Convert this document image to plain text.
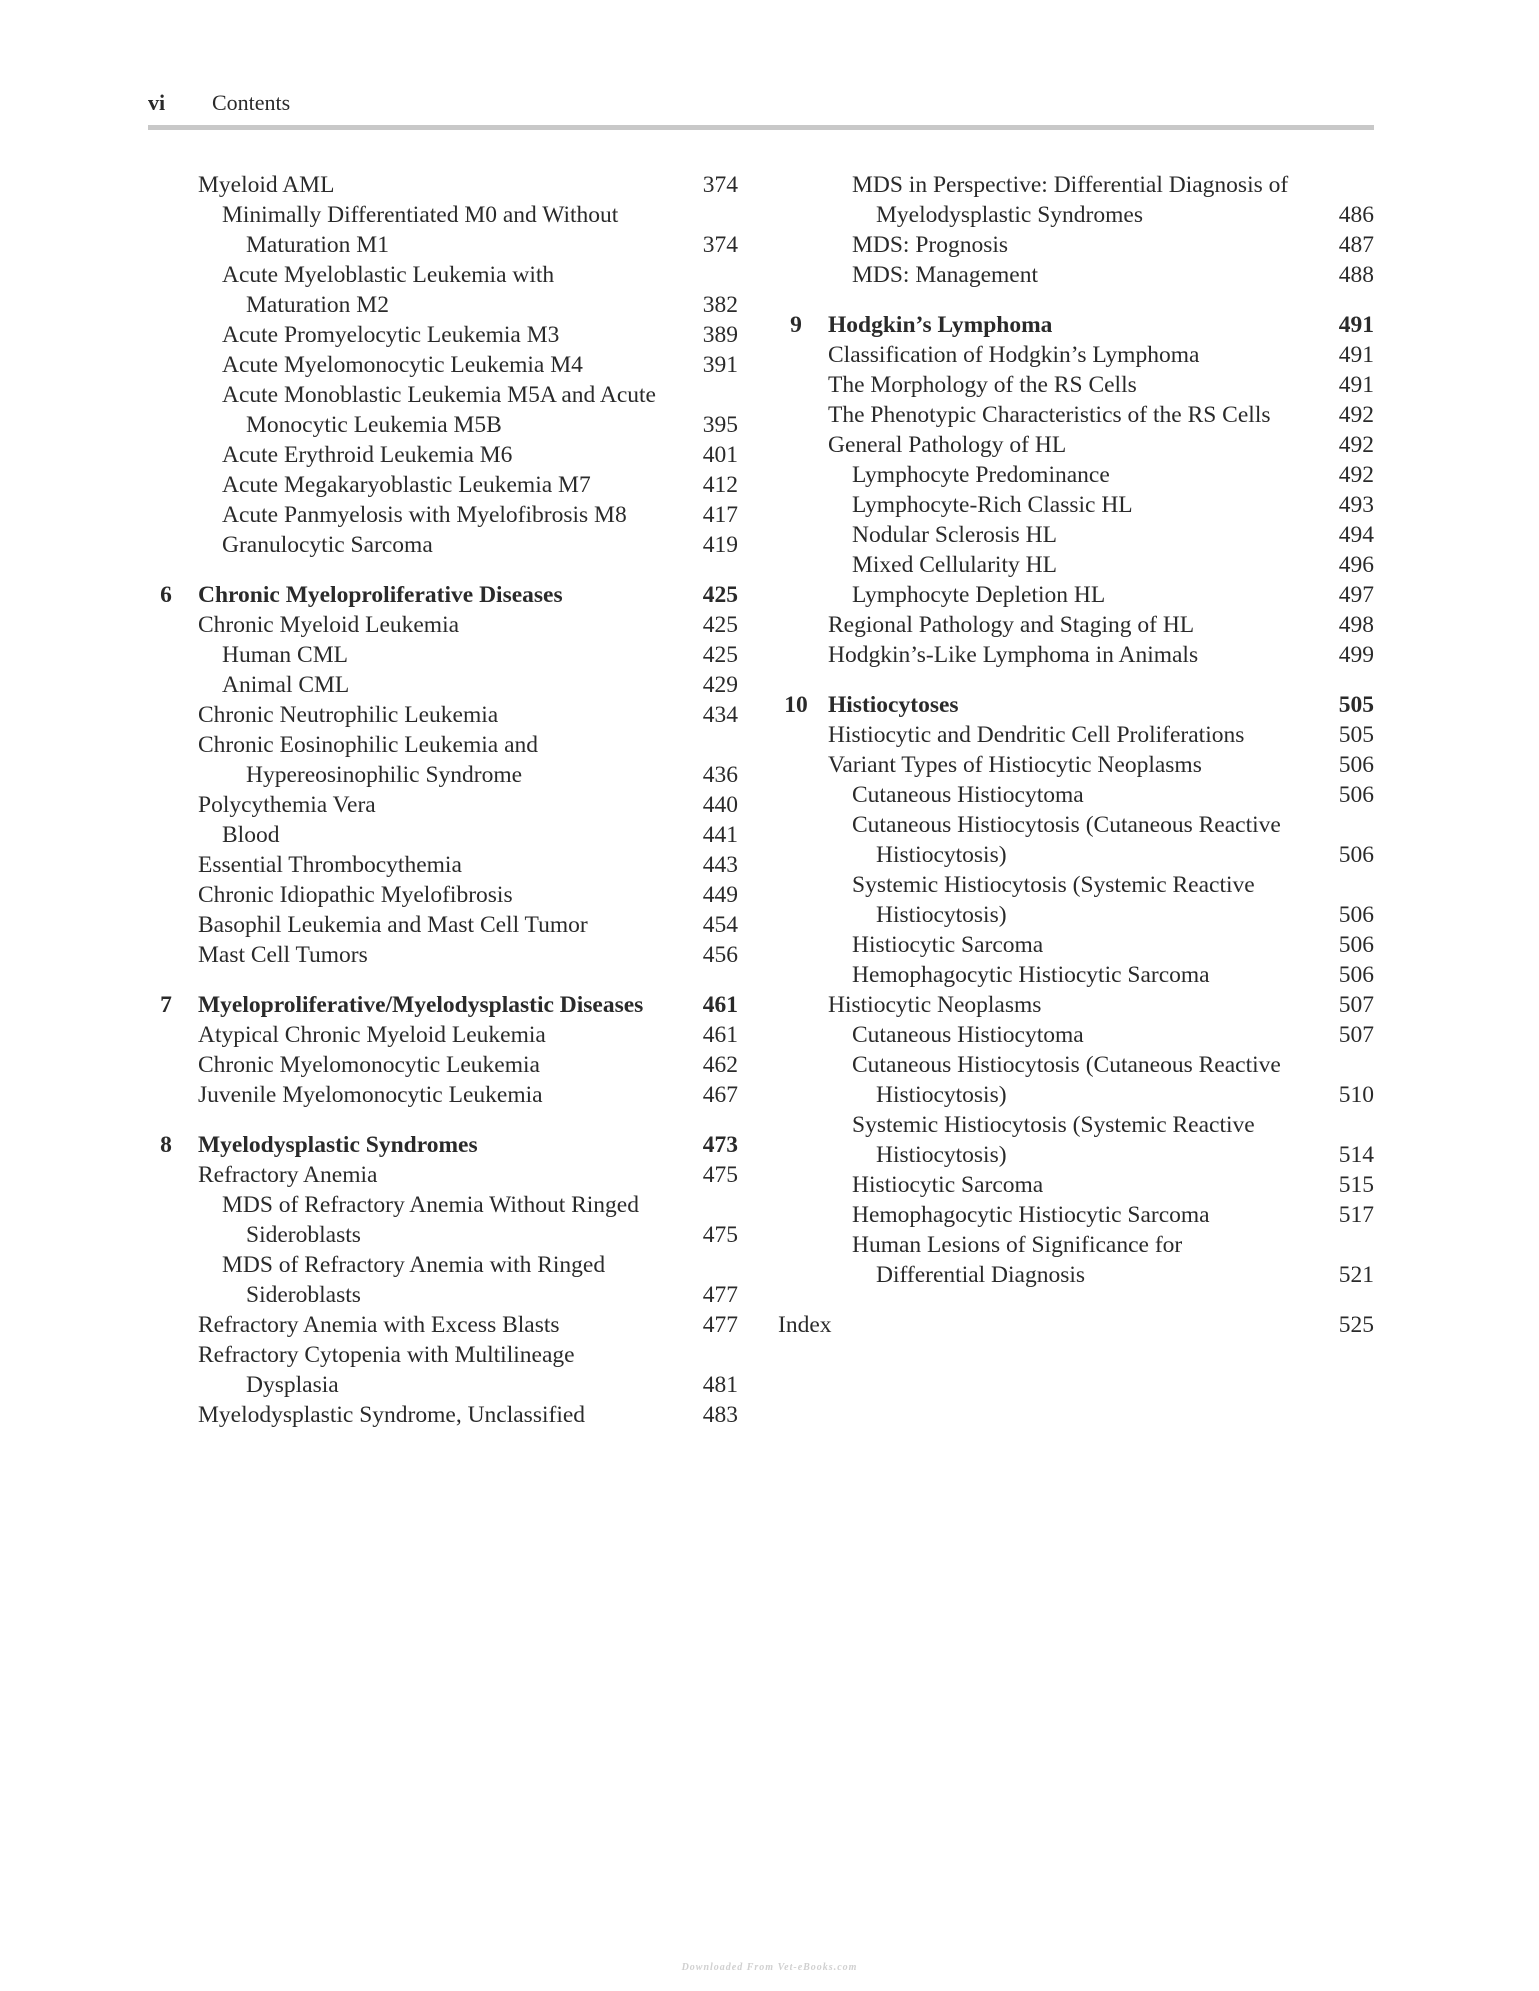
vi Contents
Myeloid AML	374
Minimally Differentiated M0 and Without Maturation M1	374
Acute Myeloblastic Leukemia with Maturation M2	382
Acute Promyelocytic Leukemia M3	389
Acute Myelomonocytic Leukemia M4	391
Acute Monoblastic Leukemia M5A and Acute Monocytic Leukemia M5B	395
Acute Erythroid Leukemia M6	401
Acute Megakaryoblastic Leukemia M7	412
Acute Panmyelosis with Myelofibrosis M8	417
Granulocytic Sarcoma	419
6	Chronic Myeloproliferative Diseases	425
Chronic Myeloid Leukemia	425
Human CML	425
Animal CML	429
Chronic Neutrophilic Leukemia	434
Chronic Eosinophilic Leukemia and Hypereosinophilic Syndrome	436
Polycythemia Vera	440
Blood	441
Essential Thrombocythemia	443
Chronic Idiopathic Myelofibrosis	449
Basophil Leukemia and Mast Cell Tumor	454
Mast Cell Tumors	456
7	Myeloproliferative/Myelodysplastic Diseases	461
Atypical Chronic Myeloid Leukemia	461
Chronic Myelomonocytic Leukemia	462
Juvenile Myelomonocytic Leukemia	467
8	Myelodysplastic Syndromes	473
Refractory Anemia	475
MDS of Refractory Anemia Without Ringed Sideroblasts	475
MDS of Refractory Anemia with Ringed Sideroblasts	477
Refractory Anemia with Excess Blasts	477
Refractory Cytopenia with Multilineage Dysplasia	481
Myelodysplastic Syndrome, Unclassified	483
MDS in Perspective: Differential Diagnosis of Myelodysplastic Syndromes	486
MDS: Prognosis	487
MDS: Management	488
9	Hodgkin’s Lymphoma	491
Classification of Hodgkin’s Lymphoma	491
The Morphology of the RS Cells	491
The Phenotypic Characteristics of the RS Cells	492
General Pathology of HL	492
Lymphocyte Predominance	492
Lymphocyte-Rich Classic HL	493
Nodular Sclerosis HL	494
Mixed Cellularity HL	496
Lymphocyte Depletion HL	497
Regional Pathology and Staging of HL	498
Hodgkin’s-Like Lymphoma in Animals	499
10 Histiocytoses	505
Histiocytic and Dendritic Cell Proliferations	505
Variant Types of Histiocytic Neoplasms	506
Cutaneous Histiocytoma	506
Cutaneous Histiocytosis (Cutaneous Reactive Histiocytosis)	506
Systemic Histiocytosis (Systemic Reactive Histiocytosis)	506
Histiocytic Sarcoma	506
Hemophagocytic Histiocytic Sarcoma	506
Histiocytic Neoplasms	507
Cutaneous Histiocytoma	507
Cutaneous Histiocytosis (Cutaneous Reactive Histiocytosis)	510
Systemic Histiocytosis (Systemic Reactive Histiocytosis)	514
Histiocytic Sarcoma	515
Hemophagocytic Histiocytic Sarcoma	517
Human Lesions of Significance for Differential Diagnosis	521
Index	525
Downloaded From Vet-eBooks.com
